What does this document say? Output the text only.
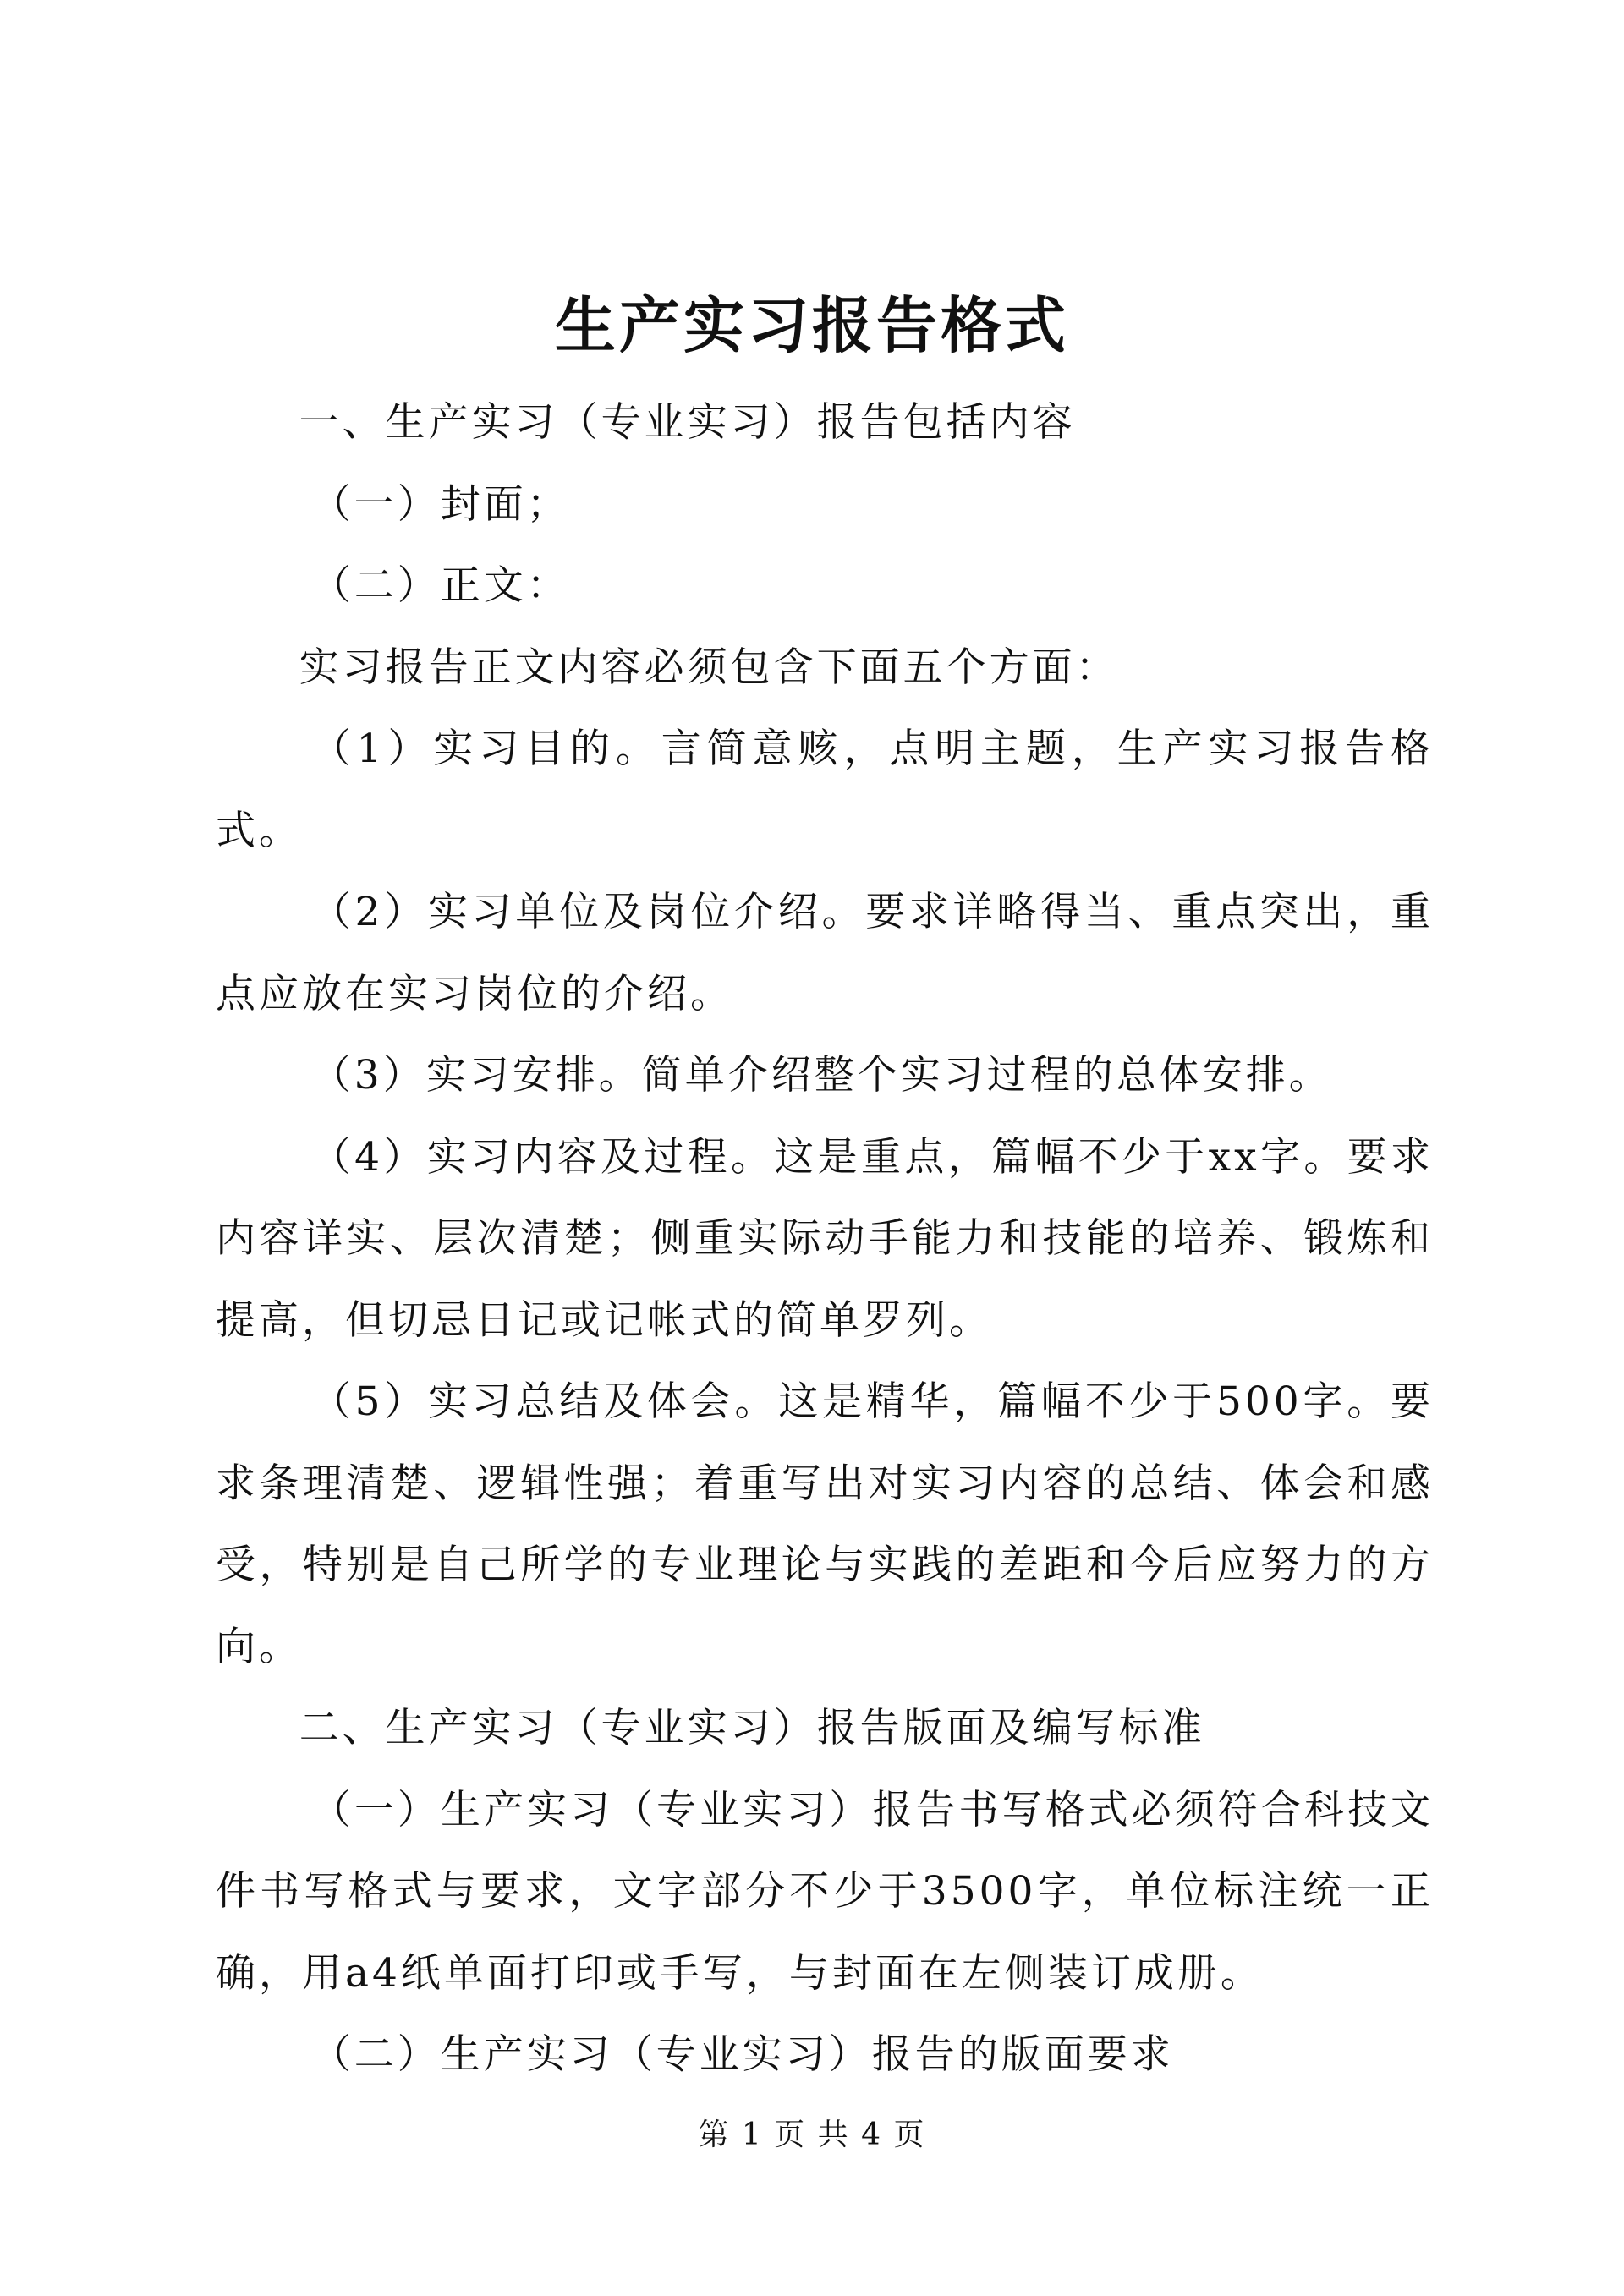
生产实习报告格式

一、生产实习（专业实习）报告包括内容

（一）封面；

（二）正文：

实习报告正文内容必须包含下面五个方面：

（1）实习目的。言简意赅，点明主题，生产实习报告格式。

（2）实习单位及岗位介绍。要求详略得当、重点突出，重点应放在实习岗位的介绍。

（3）实习安排。简单介绍整个实习过程的总体安排。

（4）实习内容及过程。这是重点，篇幅不少于xx字。要求内容详实、层次清楚；侧重实际动手能力和技能的培养、锻炼和提高，但切忌日记或记帐式的简单罗列。

（5）实习总结及体会。这是精华，篇幅不少于500字。要求条理清楚、逻辑性强；着重写出对实习内容的总结、体会和感受，特别是自己所学的专业理论与实践的差距和今后应努力的方向。

二、生产实习（专业实习）报告版面及编写标准

（一）生产实习（专业实习）报告书写格式必须符合科技文件书写格式与要求，文字部分不少于3500字，单位标注统一正确，用a4纸单面打印或手写，与封面在左侧装订成册。

（二）生产实习（专业实习）报告的版面要求

第 1 页 共 4 页
